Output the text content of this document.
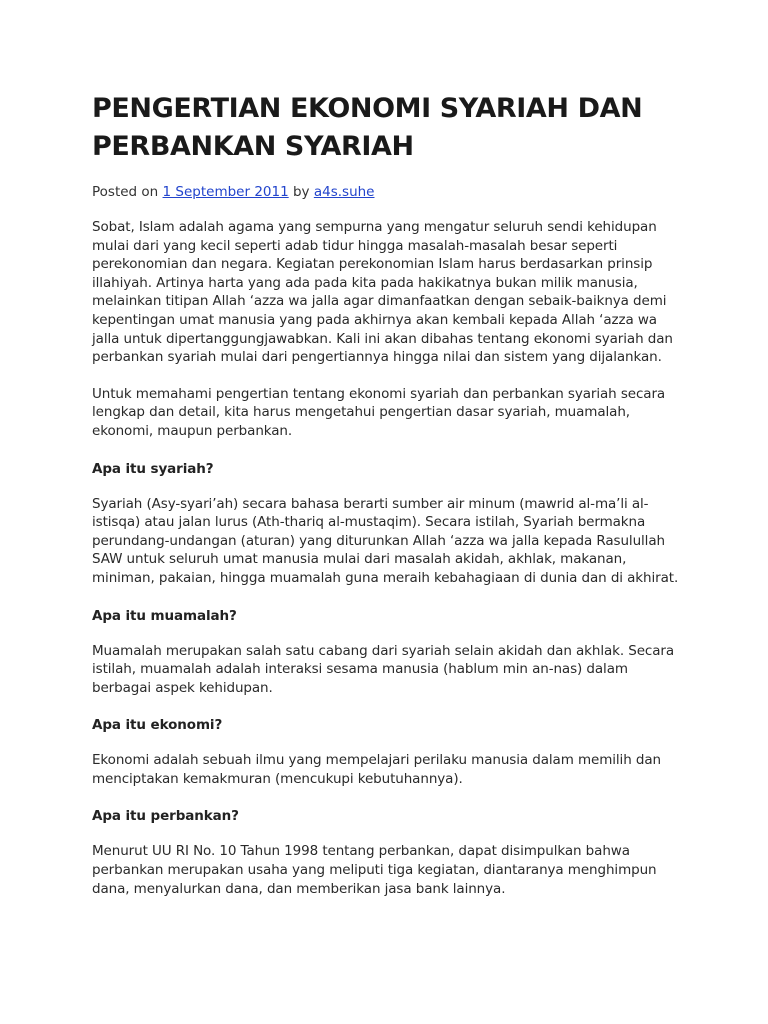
PENGERTIAN EKONOMI SYARIAH DAN PERBANKAN SYARIAH
Posted on 1 September 2011 by a4s.suhe

Sobat, Islam adalah agama yang sempurna yang mengatur seluruh sendi kehidupan mulai dari yang kecil seperti adab tidur hingga masalah-masalah besar seperti perekonomian dan negara. Kegiatan perekonomian Islam harus berdasarkan prinsip illahiyah. Artinya harta yang ada pada kita pada hakikatnya bukan milik manusia, melainkan titipan Allah ‘azza wa jalla agar dimanfaatkan dengan sebaik-baiknya demi kepentingan umat manusia yang pada akhirnya akan kembali kepada Allah ‘azza wa jalla untuk dipertanggungjawabkan. Kali ini akan dibahas tentang ekonomi syariah dan perbankan syariah mulai dari pengertiannya hingga nilai dan sistem yang dijalankan.

Untuk memahami pengertian tentang ekonomi syariah dan perbankan syariah secara lengkap dan detail, kita harus mengetahui pengertian dasar syariah, muamalah, ekonomi, maupun perbankan.

Apa itu syariah?

Syariah (Asy-syari’ah) secara bahasa berarti sumber air minum (mawrid al-ma’li al-istisqa) atau jalan lurus (Ath-thariq al-mustaqim). Secara istilah, Syariah bermakna perundang-undangan (aturan) yang diturunkan Allah ‘azza wa jalla kepada Rasulullah SAW untuk seluruh umat manusia mulai dari masalah akidah, akhlak, makanan, miniman, pakaian, hingga muamalah guna meraih kebahagiaan di dunia dan di akhirat.

Apa itu muamalah?

Muamalah merupakan salah satu cabang dari syariah selain akidah dan akhlak. Secara istilah, muamalah adalah interaksi sesama manusia (hablum min an-nas) dalam berbagai aspek kehidupan.

Apa itu ekonomi?

Ekonomi adalah sebuah ilmu yang mempelajari perilaku manusia dalam memilih dan menciptakan kemakmuran (mencukupi kebutuhannya).

Apa itu perbankan?

Menurut UU RI No. 10 Tahun 1998 tentang perbankan, dapat disimpulkan bahwa perbankan merupakan usaha yang meliputi tiga kegiatan, diantaranya menghimpun dana, menyalurkan dana, dan memberikan jasa bank lainnya.
